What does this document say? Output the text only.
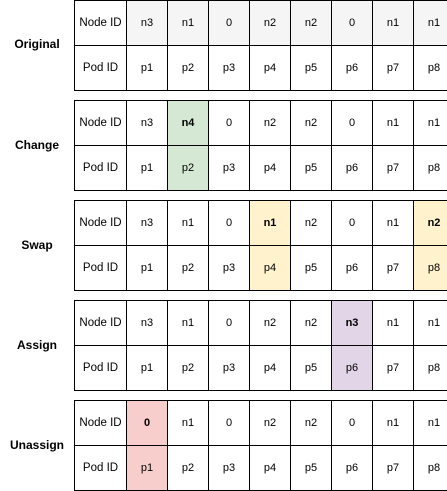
Original
Node ID	n3	n1	0	n2	n2	0	n1	n1
Pod ID	p1	p2	p3	p4	p5	p6	p7	p8
Change
Node ID	n3	n4	0	n2	n2	0	n1	n1
Pod ID	p1	p2	p3	p4	p5	p6	p7	p8
Swap
Node ID	n3	n1	0	n1	n2	0	n1	n2
Pod ID	p1	p2	p3	p4	p5	p6	p7	p8
Assign
Node ID	n3	n1	0	n2	n2	n3	n1	n1
Pod ID	p1	p2	p3	p4	p5	p6	p7	p8
Unassign
Node ID	0	n1	0	n2	n2	0	n1	n1
Pod ID	p1	p2	p3	p4	p5	p6	p7	p8
